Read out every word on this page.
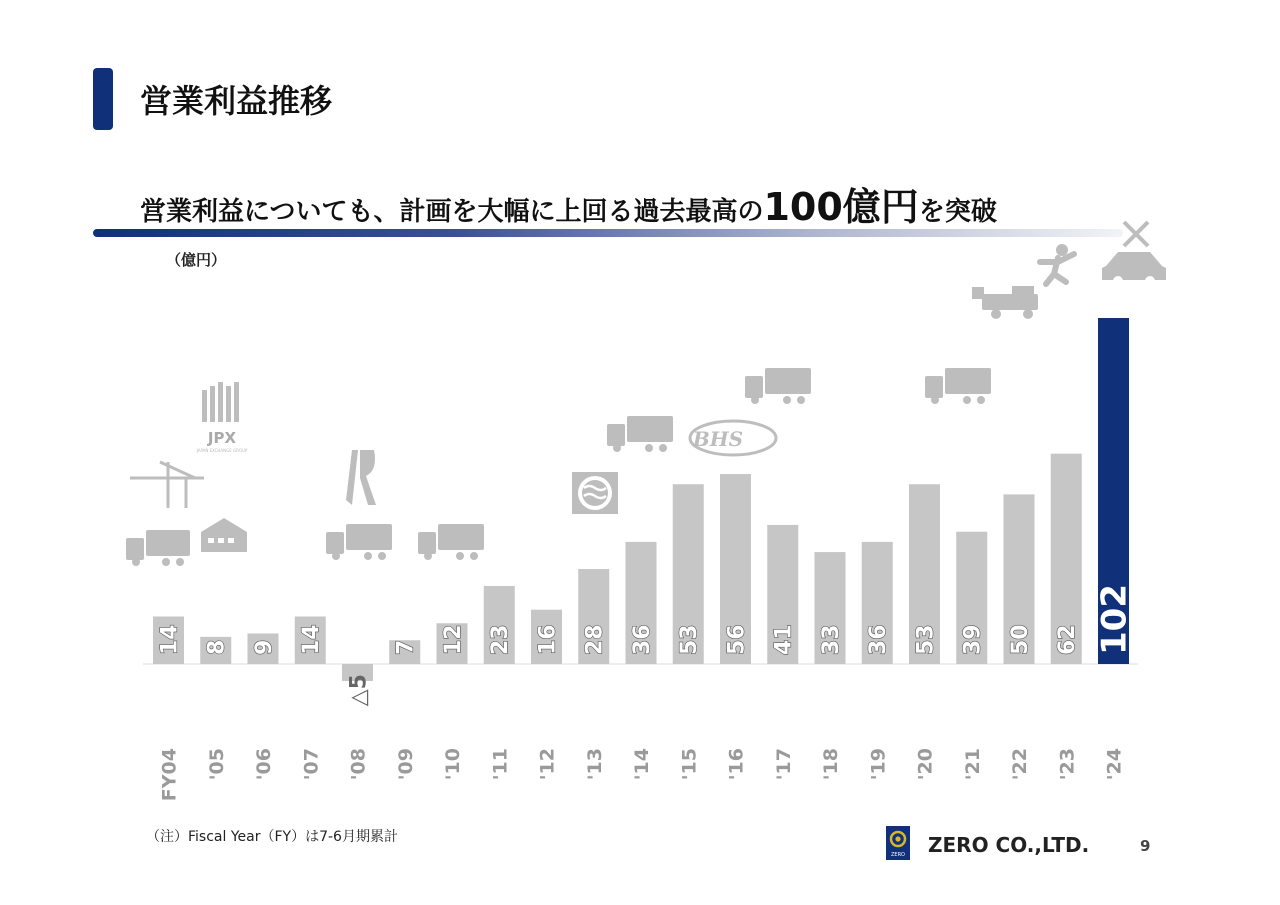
営業利益推移
営業利益についても、計画を大幅に上回る過去最高の100億円を突破
（億円）
JPX
JAPAN EXCHANGE GROUP	BHS
14 8 9 14
△5
7 12 23 16 28 36 53 56 41 33 36 53 39 50 62 102
FY04 '05 '06 '07 '08 '09 '10 '11 '12 '13 '14 '15 '16 '17 '18 '19 '20 '21 '22 '23 '24
（注）Fiscal Year（FY）は7-6月期累計
ZERO ZERO CO.,LTD.	9
